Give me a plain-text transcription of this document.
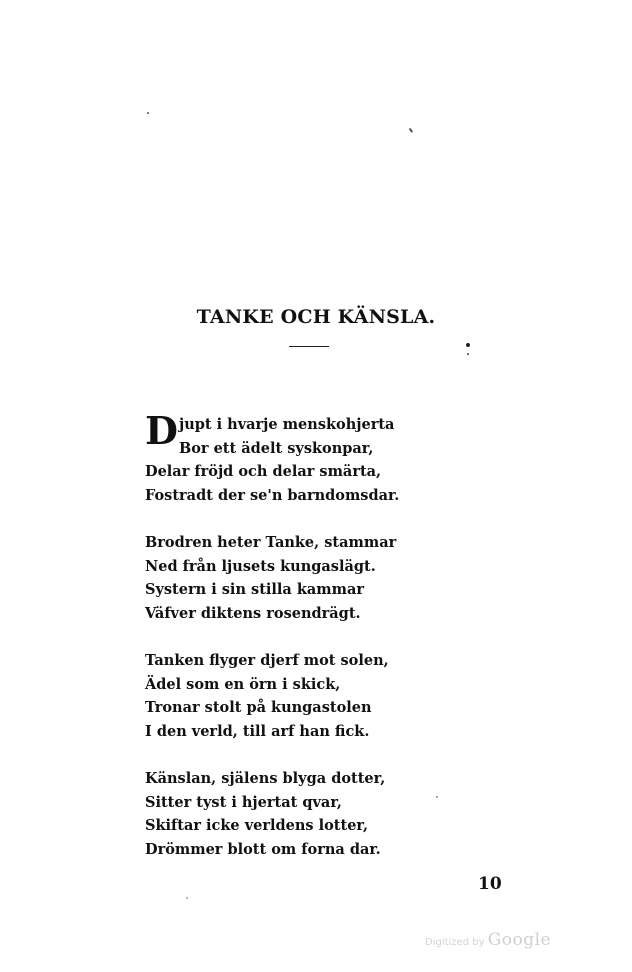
TANKE OCH KÄNSLA.
Djupt i hvarje menskohjerta
Bor ett ädelt syskonpar,
Delar fröjd och delar smärta,
Fostradt der se'n barndomsdar.
Brodren heter Tanke, stammar
Ned från ljusets kungaslägt.
Systern i sin stilla kammar
Väfver diktens rosendrägt.
Tanken flyger djerf mot solen,
Ädel som en örn i skick,
Tronar stolt på kungastolen
I den verld, till arf han fick.
Känslan, själens blyga dotter,
Sitter tyst i hjertat qvar,
Skiftar icke verldens lotter,
Drömmer blott om forna dar.
10
Digitized by Google
